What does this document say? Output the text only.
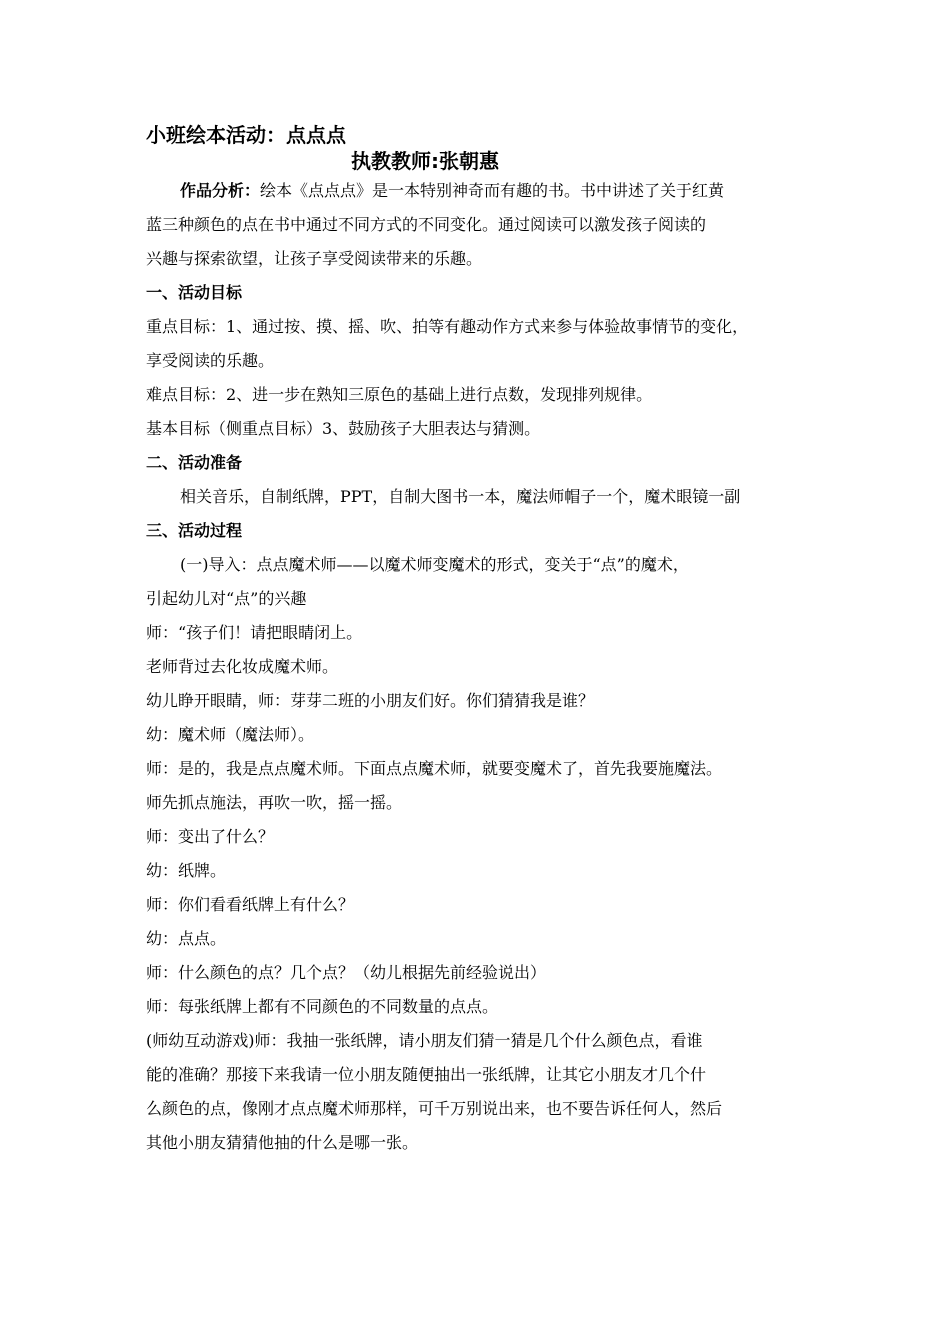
小班绘本活动：点点点
执教教师:张朝惠

作品分析：绘本《点点点》是一本特别神奇而有趣的书。书中讲述了关于红黄

蓝三种颜色的点在书中通过不同方式的不同变化。通过阅读可以激发孩子阅读的

兴趣与探索欲望，让孩子享受阅读带来的乐趣。

一、活动目标

重点目标：1、通过按、摸、摇、吹、拍等有趣动作方式来参与体验故事情节的变化，

享受阅读的乐趣。

难点目标：2、进一步在熟知三原色的基础上进行点数，发现排列规律。

基本目标（侧重点目标）3、鼓励孩子大胆表达与猜测。

二、活动准备

相关音乐，自制纸牌，PPT，自制大图书一本，魔法师帽子一个，魔术眼镜一副

三、活动过程

(一)导入：点点魔术师——以魔术师变魔术的形式，变关于“点”的魔术，

引起幼儿对“点”的兴趣

师：“孩子们！请把眼睛闭上。

老师背过去化妆成魔术师。

幼儿睁开眼睛，师：芽芽二班的小朋友们好。你们猜猜我是谁？

幼：魔术师（魔法师）。

师：是的，我是点点魔术师。下面点点魔术师，就要变魔术了，首先我要施魔法。

师先抓点施法，再吹一吹，摇一摇。

师：变出了什么？

幼：纸牌。

师：你们看看纸牌上有什么？

幼：点点。

师：什么颜色的点？几个点？（幼儿根据先前经验说出）

师：每张纸牌上都有不同颜色的不同数量的点点。

(师幼互动游戏)师：我抽一张纸牌，请小朋友们猜一猜是几个什么颜色点，看谁

能的准确？那接下来我请一位小朋友随便抽出一张纸牌，让其它小朋友才几个什

么颜色的点，像刚才点点魔术师那样，可千万别说出来，也不要告诉任何人，然后

其他小朋友猜猜他抽的什么是哪一张。
